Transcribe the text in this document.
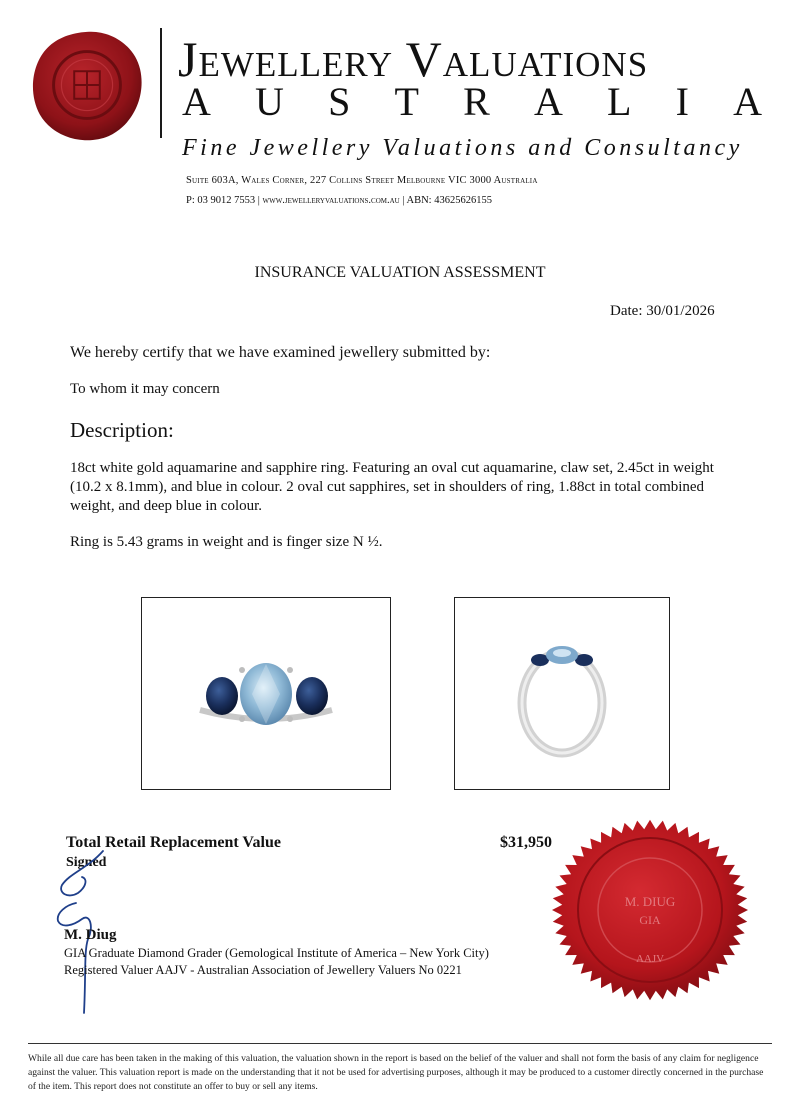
Jewellery Valuations
A U S T R A L I A
Fine Jewellery Valuations and Consultancy
Suite 603A, Wales Corner, 227 Collins Street Melbourne VIC 3000 Australia
P: 03 9012 7553 | www.jewelleryvaluations.com.au | ABN: 43625626155
INSURANCE VALUATION ASSESSMENT
Date: 30/01/2026
We hereby certify that we have examined jewellery submitted by:
To whom it may concern
Description:
18ct white gold aquamarine and sapphire ring. Featuring an oval cut aquamarine, claw set, 2.45ct in weight (10.2 x 8.1mm), and blue in colour. 2 oval cut sapphires, set in shoulders of ring, 1.88ct in total combined weight, and deep blue in colour.
Ring is 5.43 grams in weight and is finger size N ½.
Total Retail Replacement Value	$31,950
Signed
M. Diug
GIA Graduate Diamond Grader (Gemological Institute of America – New York City)
Registered Valuer AAJV - Australian Association of Jewellery Valuers No 0221
M. DIUG
GIA
AAJV
While all due care has been taken in the making of this valuation, the valuation shown in the report is based on the belief of the valuer and shall not form the basis of any claim for negligence against the valuer. This valuation report is made on the understanding that it not be used for advertising purposes, although it may be produced to a customer directly concerned in the purchase of the item. This report does not constitute an offer to buy or sell any items.
